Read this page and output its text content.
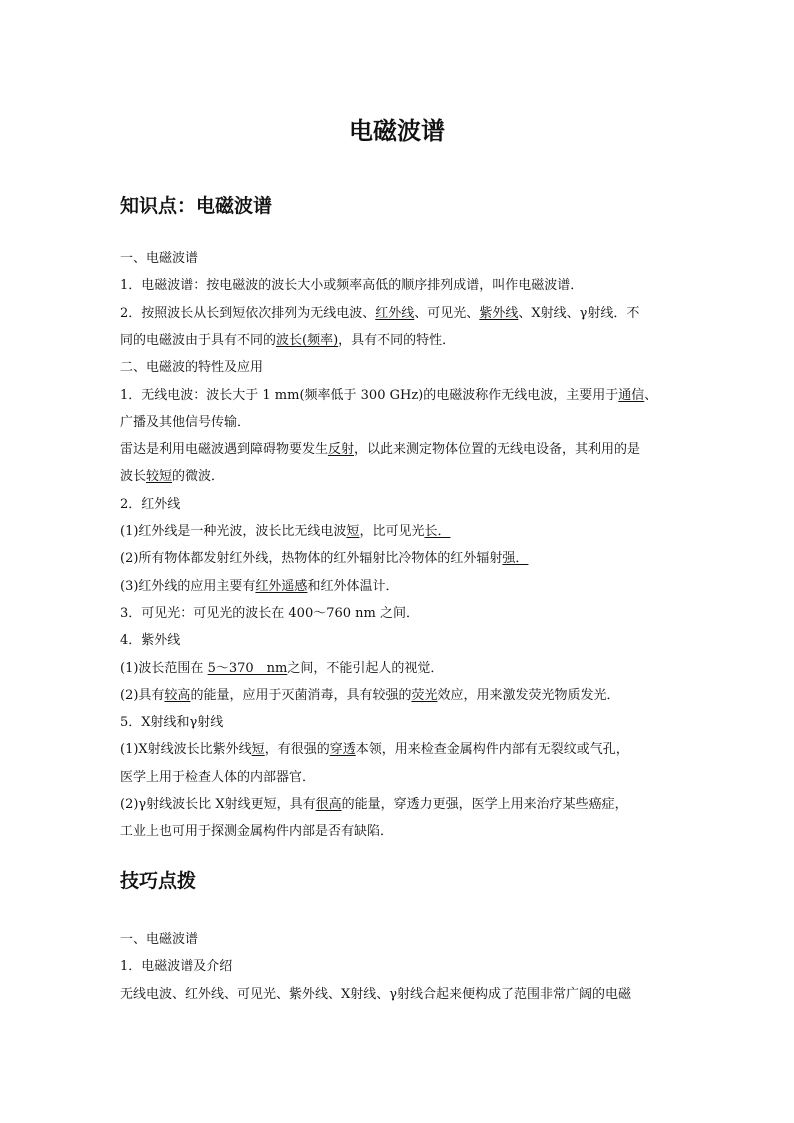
电磁波谱
知识点：电磁波谱
一、电磁波谱
1．电磁波谱：按电磁波的波长大小或频率高低的顺序排列成谱，叫作电磁波谱．
2．按照波长从长到短依次排列为无线电波、红外线、可见光、紫外线、X射线、γ射线．不
同的电磁波由于具有不同的波长(频率)，具有不同的特性．
二、电磁波的特性及应用
1．无线电波：波长大于 1 mm(频率低于 300 GHz)的电磁波称作无线电波，主要用于通信、
广播及其他信号传输．
雷达是利用电磁波遇到障碍物要发生反射，以此来测定物体位置的无线电设备，其利用的是
波长较短的微波．
2．红外线
(1)红外线是一种光波，波长比无线电波短，比可见光长．
(2)所有物体都发射红外线，热物体的红外辐射比冷物体的红外辐射强．
(3)红外线的应用主要有红外遥感和红外体温计．
3．可见光：可见光的波长在 400～760 nm 之间．
4．紫外线
(1)波长范围在 5～370　nm之间，不能引起人的视觉．
(2)具有较高的能量，应用于灭菌消毒，具有较强的荧光效应，用来激发荧光物质发光．
5．X射线和γ射线
(1)X射线波长比紫外线短，有很强的穿透本领，用来检查金属构件内部有无裂纹或气孔，
医学上用于检查人体的内部器官．
(2)γ射线波长比 X射线更短，具有很高的能量，穿透力更强，医学上用来治疗某些癌症，
工业上也可用于探测金属构件内部是否有缺陷．
技巧点拨
一、电磁波谱
1．电磁波谱及介绍
无线电波、红外线、可见光、紫外线、X射线、γ射线合起来便构成了范围非常广阔的电磁
